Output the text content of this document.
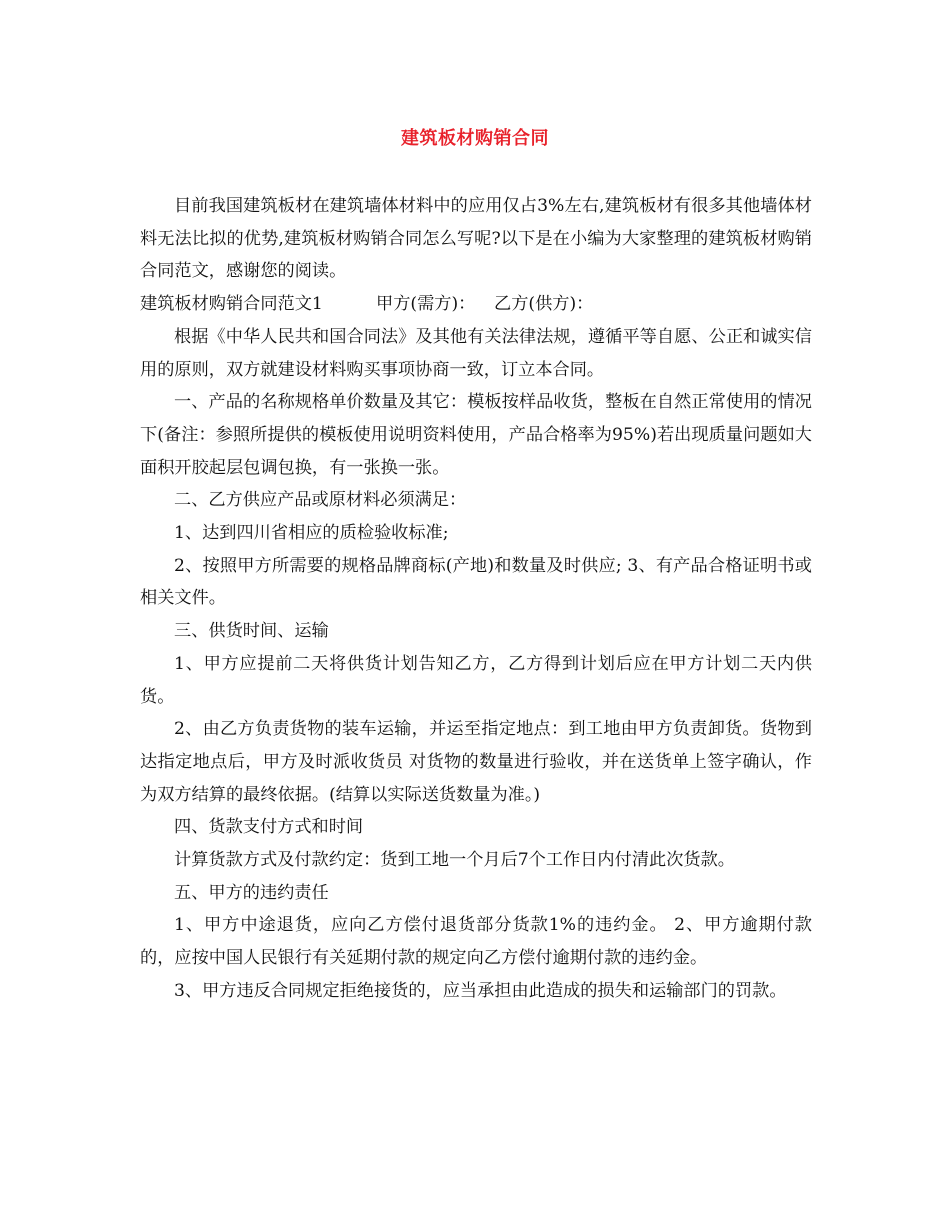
建筑板材购销合同

目前我国建筑板材在建筑墙体材料中的应用仅占3%左右,建筑板材有很多其他墙体材料无法比拟的优势,建筑板材购销合同怎么写呢?以下是在小编为大家整理的建筑板材购销合同范文，感谢您的阅读。

建筑板材购销合同范文1	甲方(需方)：	乙方(供方)：

根据《中华人民共和国合同法》及其他有关法律法规，遵循平等自愿、公正和诚实信用的原则，双方就建设材料购买事项协商一致，订立本合同。

一、产品的名称规格单价数量及其它：模板按样品收货，整板在自然正常使用的情况下(备注：参照所提供的模板使用说明资料使用，产品合格率为95%)若出现质量问题如大面积开胶起层包调包换，有一张换一张。

二、乙方供应产品或原材料必须满足：

1、达到四川省相应的质检验收标准;

2、按照甲方所需要的规格品牌商标(产地)和数量及时供应; 3、有产品合格证明书或相关文件。

三、供货时间、运输

1、甲方应提前二天将供货计划告知乙方，乙方得到计划后应在甲方计划二天内供货。

2、由乙方负责货物的装车运输，并运至指定地点：到工地由甲方负责卸货。货物到达指定地点后，甲方及时派收货员 对货物的数量进行验收，并在送货单上签字确认，作为双方结算的最终依据。(结算以实际送货数量为准。)

四、货款支付方式和时间

计算货款方式及付款约定：货到工地一个月后7个工作日内付清此次货款。

五、甲方的违约责任

1、甲方中途退货，应向乙方偿付退货部分货款1%的违约金。 2、甲方逾期付款的，应按中国人民银行有关延期付款的规定向乙方偿付逾期付款的违约金。

3、甲方违反合同规定拒绝接货的，应当承担由此造成的损失和运输部门的罚款。
